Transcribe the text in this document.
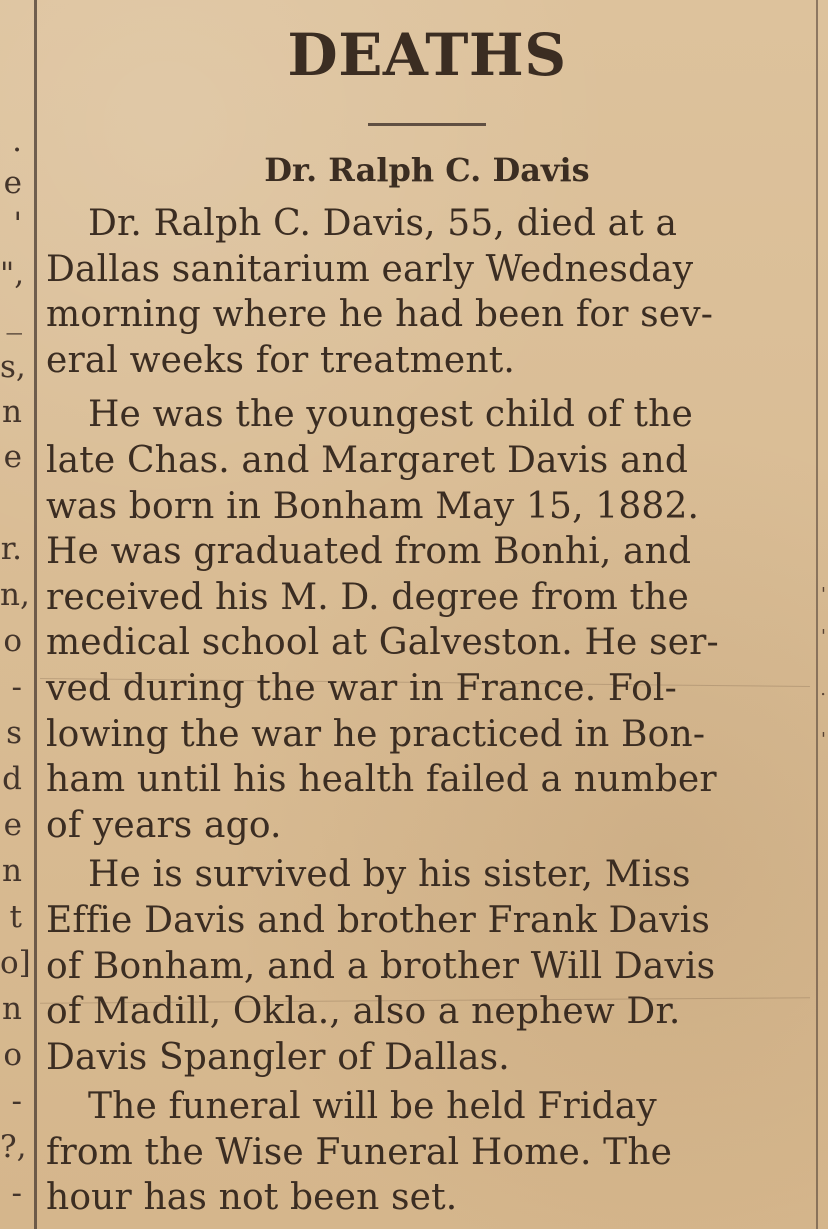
.
e
'
",
_
s,
n
e
r.
n,
o
-
s
d
e
n
t
o]
n
o
-
?,
-
'
'
.
'
DEATHS
Dr. Ralph C. Davis
Dr. Ralph C. Davis, 55, died at a
Dallas sanitarium early Wednesday
morning where he had been for sev-
eral weeks for treatment.
He was the youngest child of the
late Chas. and Margaret Davis and
was born in Bonham May 15, 1882.
He was graduated from Bonhi, and
received his M. D. degree from the
medical school at Galveston. He ser-
ved during the war in France. Fol-
lowing the war he practiced in Bon-
ham until his health failed a number
of years ago.
He is survived by his sister, Miss
Effie Davis and brother Frank Davis
of Bonham, and a brother Will Davis
of Madill, Okla., also a nephew Dr.
Davis Spangler of Dallas.
The funeral will be held Friday
from the Wise Funeral Home. The
hour has not been set.
